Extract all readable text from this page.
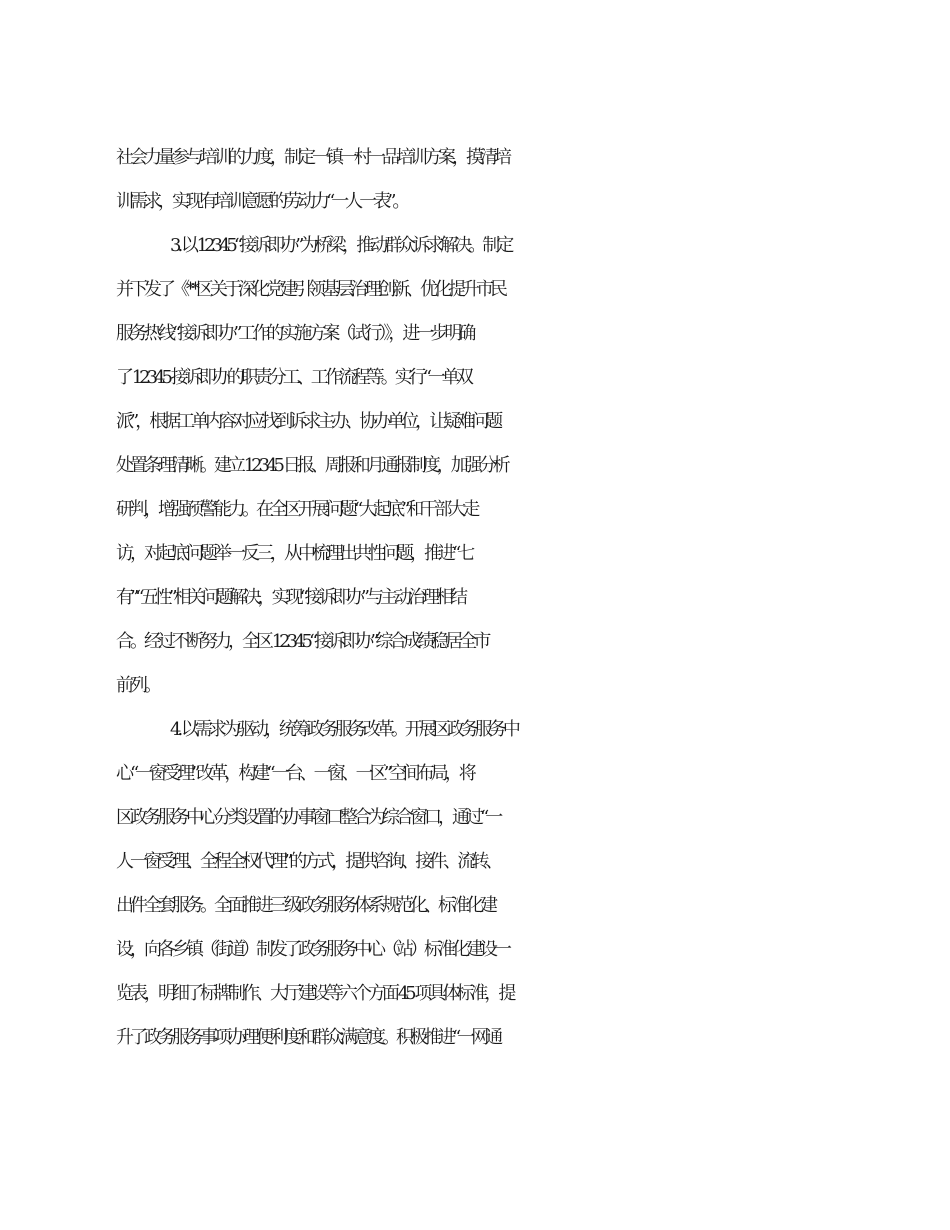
社会力量参与培训的力度，制定一镇一村一品培训方案，摸清培
训需求，实现有培训意愿的劳动力“一人一表”。
3. 以 12345“接诉即办”为桥梁，推动群众诉求解决。制定
并下发了《**区关于深化党建引领基层治理创新、优化提升市民
服务热线“接诉即办”工作的实施方案（试行）》，进一步明确
了 12345 接诉即办的职责分工、工作流程等。实行“一单双
派”，根据工单内容对应找到诉求主办、协办单位，让疑难问题
处置条理清晰。建立 12345 日报、周报和月通报制度，加强分析
研判，增强预警能力。在全区开展问题“大起底”和干部大走
访，对起底问题举一反三，从中梳理出共性问题，推进“七
有”“五性”相关问题解决，实现“接诉即办”与主动治理相结
合。经过不断努力，全区 12345“接诉即办”综合成绩稳居全市
前列。
4. 以需求为驱动，统筹政务服务改革。开展区政务服务中
心“一窗受理”改革，构建“一台、一窗、一区”空间布局，将
区政务服务中心分类设置的办事窗口整合为综合窗口，通过“一
人一窗受理、全程全权代理”的方式，提供咨询、接件、流转、
出件全套服务。全面推进三级政务服务体系规范化、标准化建
设，向各乡镇（街道）制发了政务服务中心（站）标准化建设一
览表，明细了标牌制作、大厅建设等六个方面 45 项具体标准，提
升了政务服务事项办理便利度和群众满意度。积极推进“一网通
